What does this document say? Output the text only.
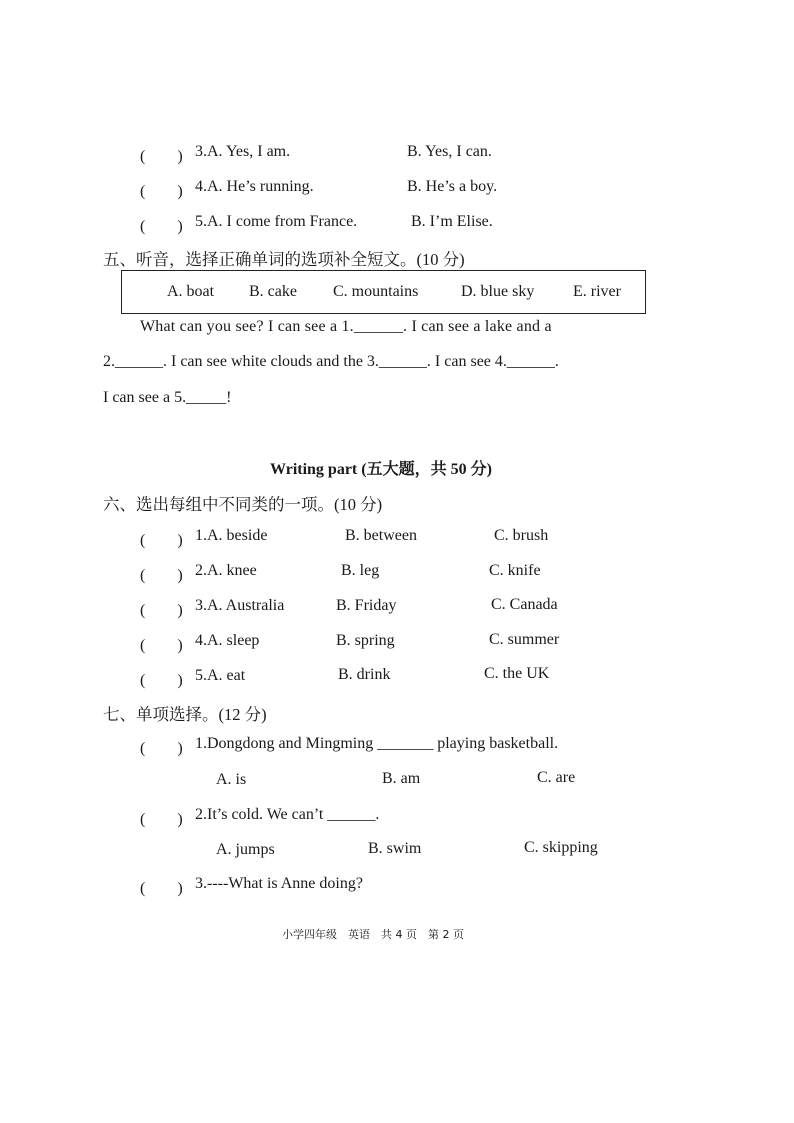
(　　) 3.A. Yes, I am.	B. Yes, I can.
(　　) 4.A. He’s running.	B. He’s a boy.
(　　) 5.A. I come from France.	B. I’m Elise.
五、听音，选择正确单词的选项补全短文。(10 分)
A. boat B. cake C. mountains	D. blue sky E. river
What can you see? I can see a 1.______. I can see a lake and a
2.______. I can see white clouds and the 3.______. I can see 4.______.
I can see a 5._____!
Writing part (五大题，共 50 分)
六、选出每组中不同类的一项。(10 分)
(　　) 1.A. beside	B. between	C. brush
(　　) 2.A. knee	B. leg	C. knife
(　　) 3.A. Australia	B. Friday	C. Canada
(　　) 4.A. sleep	B. spring	C. summer
(　　) 5.A. eat	B. drink	C. the UK
七、单项选择。(12 分)
(　　) 1.Dongdong and Mingming _______ playing basketball.
A. is	B. am	C. are
(　　) 2.It’s cold. We can’t ______.
A. jumps	B. swim	C. skipping
(　　) 3.----What is Anne doing?
小学四年级　英语　共 4 页　第 2 页
